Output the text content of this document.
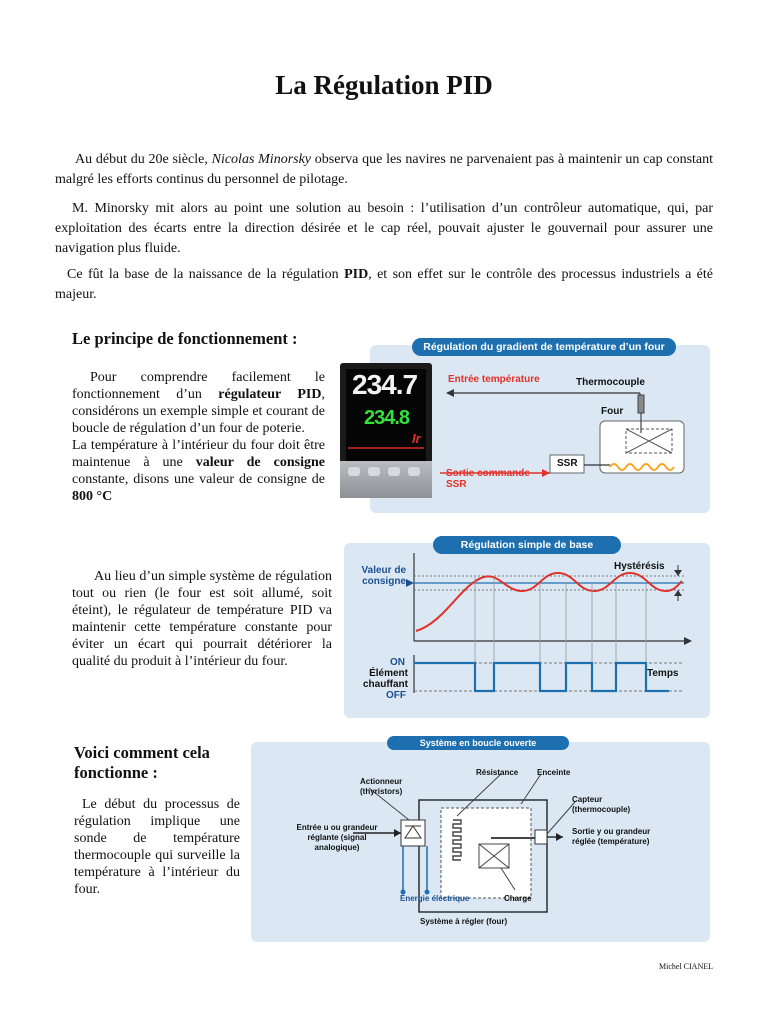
La Régulation PID

Au début du 20e siècle, Nicolas Minorsky observa que les navires ne parvenaient pas à maintenir un cap constant malgré les efforts continus du personnel de pilotage.

M. Minorsky mit alors au point une solution au besoin : l’utilisation d’un contrôleur automatique, qui, par exploitation des écarts entre la direction désirée et le cap réel, pouvait ajuster le gouvernail pour assurer une navigation plus fluide.

Ce fût la base de la naissance de la régulation PID, et son effet sur le contrôle des processus industriels a été majeur.

Le principe de fonctionnement :

Pour comprendre facilement le fonctionnement d’un régulateur PID, considérons un exemple simple et courant de boucle de régulation d’un four de poterie.
La température à l’intérieur du four doit être maintenue à une valeur de consigne constante, disons une valeur de consigne de 800 °C

Régulation du gradient de température d’un four
234.7
234.8
Ir
Entrée température	Thermocouple
Four
SSR
Sortie commande SSR

Au lieu d’un simple système de régulation tout ou rien (le four est soit allumé, soit éteint), le régulateur de température PID va maintenir cette température constante pour éviter un écart qui pourrait détériorer la qualité du produit à l’intérieur du four.

Régulation simple de base
Valeur de consigne
Hystérésis
ON
Élément chauffant
OFF
Temps

Voici comment cela fonctionne :

Le début du processus de régulation implique une sonde de température thermocouple qui surveille la température à l’intérieur du four.

Système en boucle ouverte
Résistance Enceinte
Actionneur (thyristors)
Capteur (thermocouple)
Entrée u ou grandeur réglante (signal analogique)
Sortie y ou grandeur réglée (température)
Énergie électrique	Charge
Système à régler (four)
Michel CIANEL
